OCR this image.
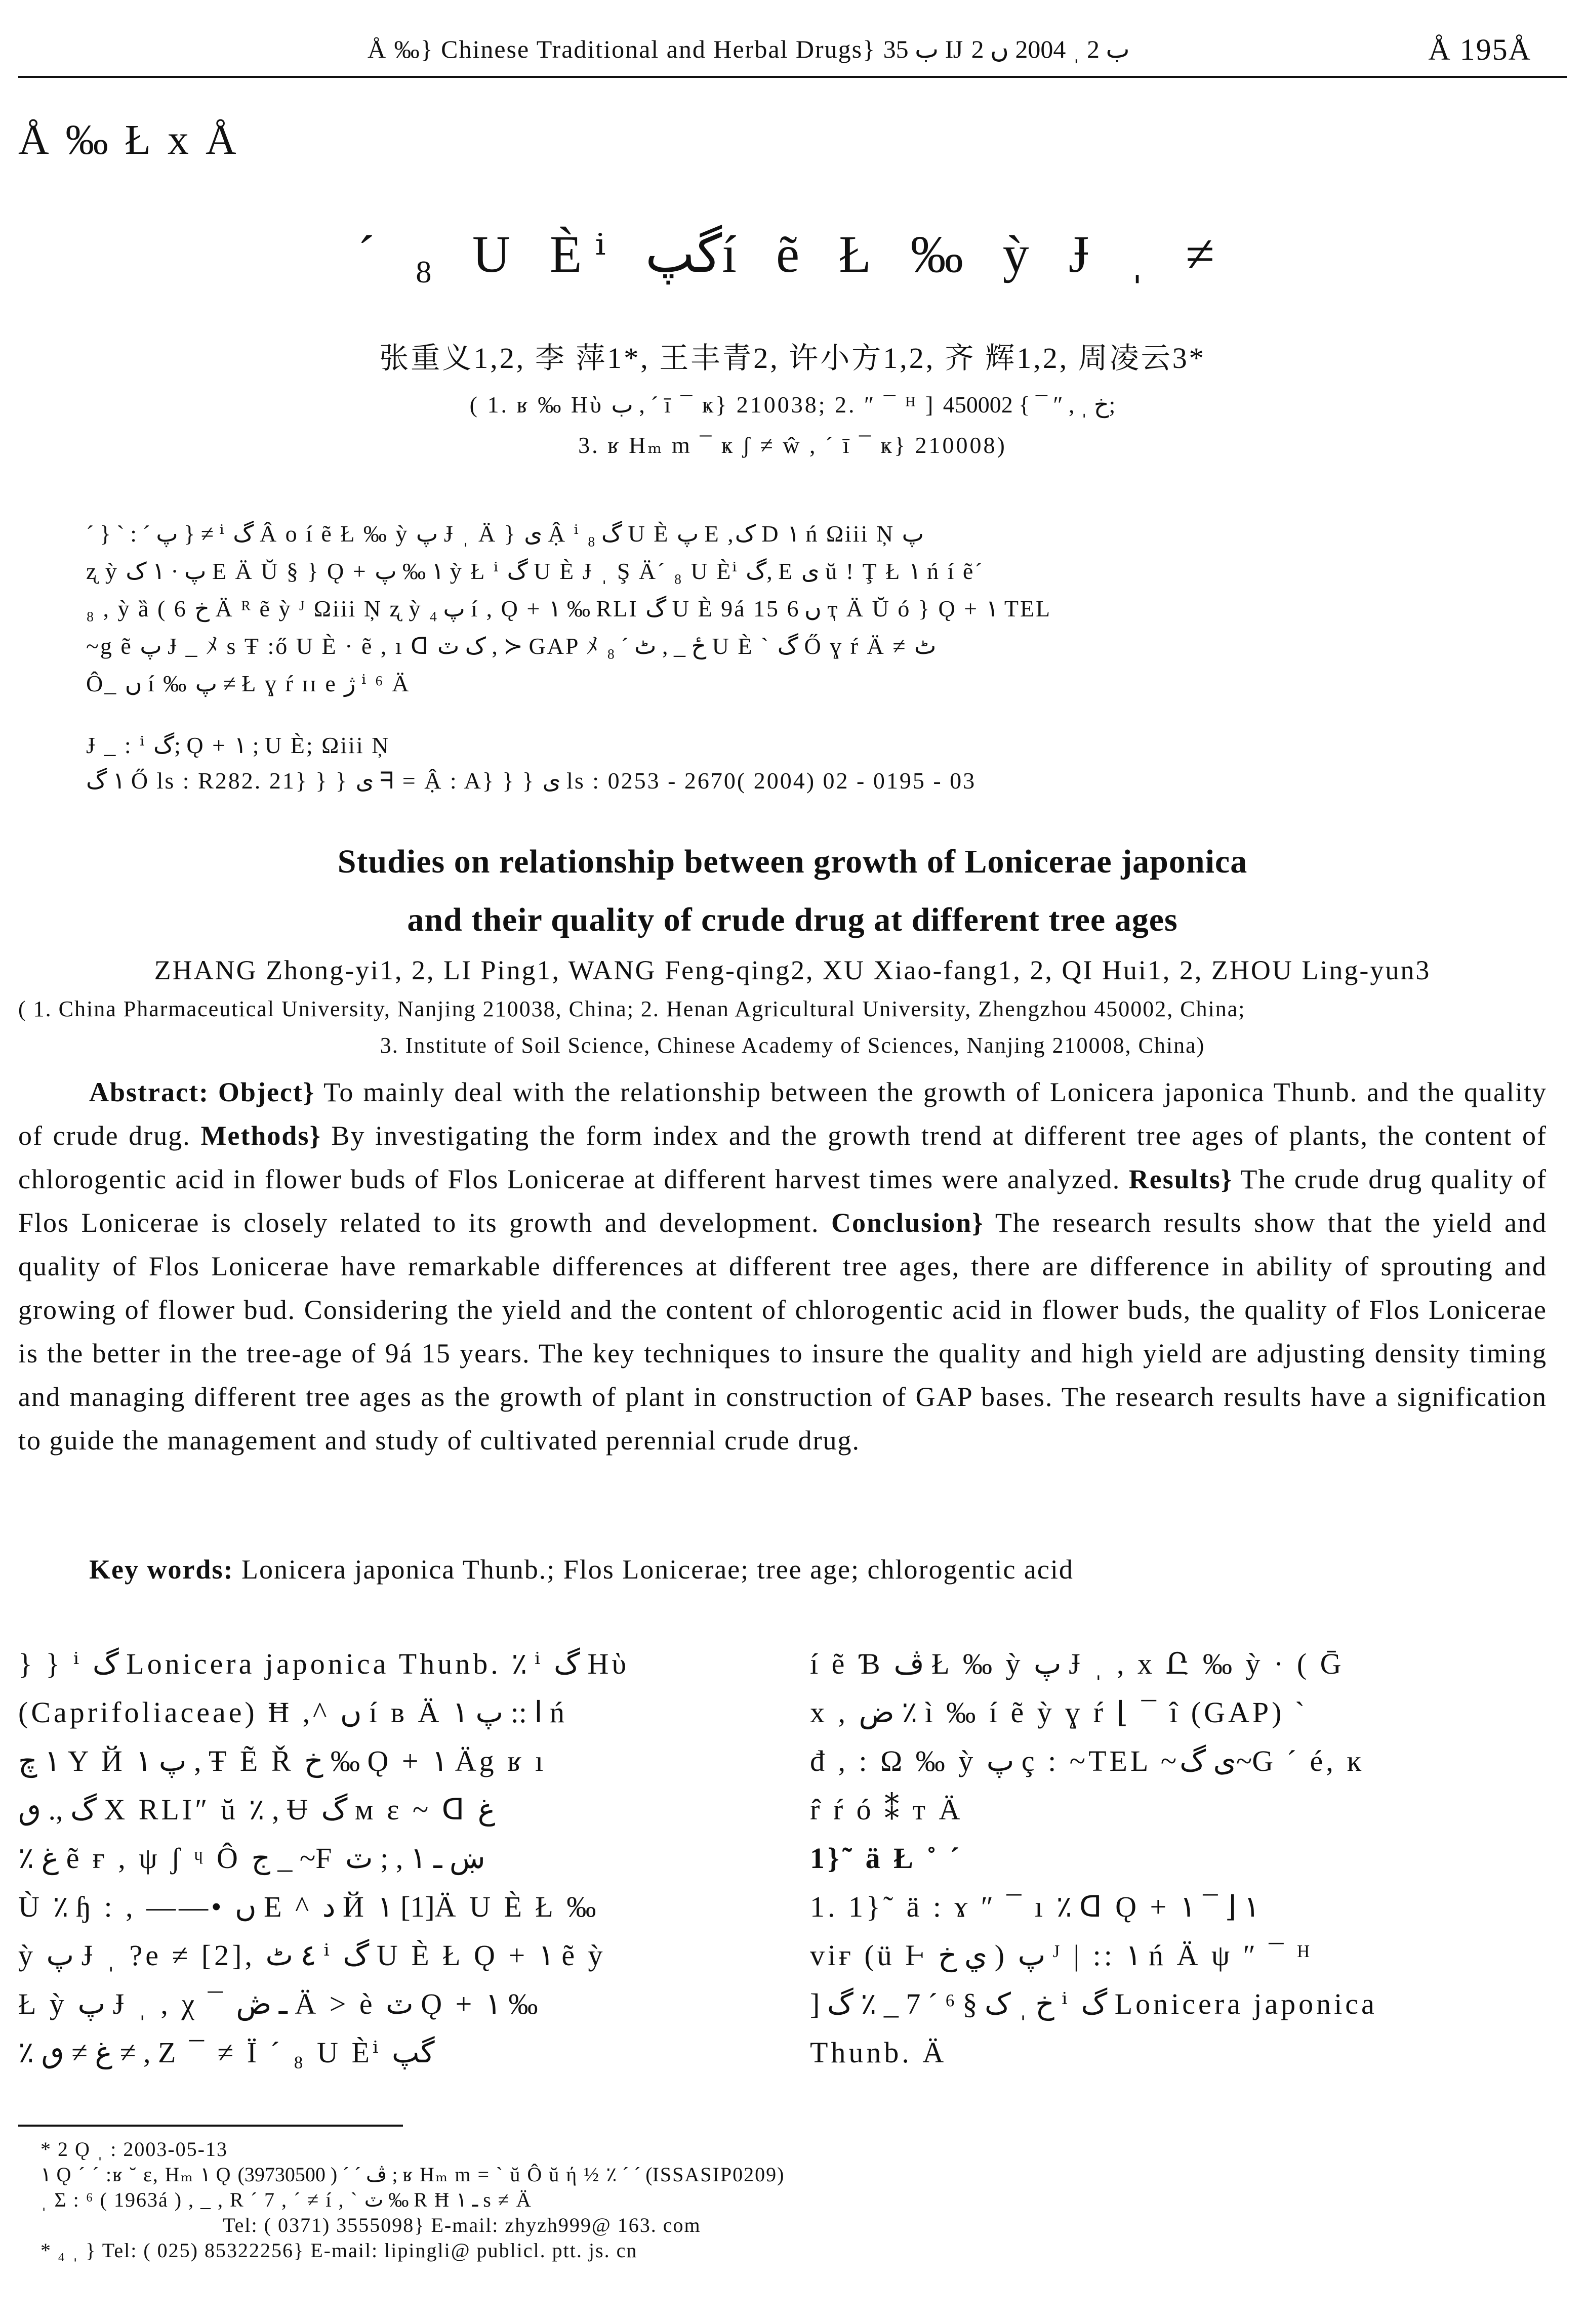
Å ‰} Chinese Traditional and Herbal Drugs} ب 35 Ĳ ب 2 ˌ 2004 ں 2	Å 195Å
Å ‰ Ł x Å
´ ₈ U Èⁱ گپí ẽ Ł ‰ ỳ Ɉ ˌ ≠
张重义1,2, 李 萍1*, 王丰青2, 许小方1,2, 齐 辉1,2, 周凌云3*
( 1. ʁ ‰ Hὺ ب , ˊ ī ¯ ҝ} 210038; 2. ″ ¯ ᴴ ] خ ˌ , ″ ¯ } 450002;
3. ʁ Hₘ m ¯ ҝ ʃ ≠ ŵ , ˊ ī ¯ ҝ} 210008)
ˊ } ` : ˊ پ } ≠ ⁱ گ Â o í ẽ Ł ‰ ỳ پ Ɉ ˌ Ä } ی Ậ ⁱ گ ₈ U È پ E ,ک D ١ ń Ωiii Ņ پ
ʐ ỳ پ · ١ ک E Ä Ŭ § } Ǫ + ١ ‰ پ ỳ Ł ⁱ گ U È Ɉ ˌ Ş Ä´ ₈ U Èⁱ گ, E ی ŭ ! Ţ Ł ١ ń í ẽ´
₈ , ỳ ȁ ( 6 خ Ä ᴿ ẽ ỳ ᴶ Ωiii Ņ ʐ ỳ پ ₄ í , Ǫ + ١ ‰ RLI گ U È 9á 15 ں 6 ҭ Ä Ŭ ó } Ǫ + ١ TEL
~g ẽ پ Ɉ _ ﾒ s Ŧ :ő U È · ẽ , ı ᗡ ک ٽ , ≻ GAP ﾒ ځ _ , ٹ ˊ ₈ U È ` گ Ő ɣ ŕ Ä ≠ ٹ
Ô_ ں í ‰ پ ≠ Ł ɣ ŕ ɪɪ e ژ ⁱ ⁶ Ä
Ɉ _ : ⁱ گ; Ǫ + ١ ; U È; Ωiii Ņ
١ گ Ő ls : R282. 21} } } ی ᖷ = Ậ : A} } } ی ls : 0253 - 2670( 2004) 02 - 0195 - 03
Studies on relationship between growth of Lonicerae japonica
and their quality of crude drug at different tree ages
ZHANG Zhong-yi1, 2, LI Ping1, WANG Feng-qing2, XU Xiao-fang1, 2, QI Hui1, 2, ZHOU Ling-yun3
( 1. China Pharmaceutical University, Nanjing 210038, China; 2. Henan Agricultural University, Zhengzhou 450002, China;
3. Institute of Soil Science, Chinese Academy of Sciences, Nanjing 210008, China)
Abstract: Object} To mainly deal with the relationship between the growth of Lonicera japonica Thunb. and the quality of crude drug. Methods} By investigating the form index and the growth trend at different tree ages of plants, the content of chlorogentic acid in flower buds of Flos Lonicerae at different harvest times were analyzed. Results} The crude drug quality of Flos Lonicerae is closely related to its growth and development. Conclusion} The research results show that the yield and quality of Flos Lonicerae have remarkable differences at different tree ages, there are difference in ability of sprouting and growing of flower bud. Considering the yield and the content of chlorogentic acid in flower buds, the quality of Flos Lonicerae is the better in the tree-age of 9á 15 years. The key techniques to insure the quality and high yield are adjusting density timing and managing different tree ages as the growth of plant in construction of GAP bases. The research results have a signification to guide the management and study of cultivated perennial crude drug.
Key words: Lonicera japonica Thunb.; Flos Lonicerae; tree age; chlorogentic acid
} } ⁱ گ Lonicera japonica Thunb. ٪ ⁱ گ Hὺ
(Caprifoliaceae) Ħ ,^ ں í в Ä ا :: پ ١ ń
١ چ Y Й پ ١ , Ŧ Ẽ Ř خ ‰ Ǫ + ١ Äg ʁ ı
گ ,. ٯ X RLI″ ŭ ٪ , Ʉ گ м ε ~ ᗡ غ
٪ غ ẽ ғ , ψ ʃ ᶣ Ô ج _ ~F ښ ـ ١ , ; ٽ
Ù ٪ ɧ : , ——• ں E ^ ﺩ Й ١ [1]Ä U È Ł ‰
ỳ پ Ɉ ˌ ?e ≠ [2], ٤ ٹ ⁱ گ U È Ł Ǫ + ١ ẽ ỳ
Ł ỳ پ Ɉ ˌ , χ ¯ ـ ڞ Ä > è ٽ Ǫ + ١ ‰
٪ غ ≠ ٯ ≠ , Ζ ¯ ≠ Ï ´ ₈ U Èⁱ گپ
í ẽ Ɓ ڤ Ł ‰ ỳ پ Ɉ ˌ , x Ը ‰ ỳ · ( Ḡ
x , ض ٪ ì ‰ í ẽ ỳ ɣ ŕ ⌊ ¯ î (GAP) `
đ , : Ω ‰ ỳ پ ç : ~TEL ~ی گ~G ˊ é, ĸ
r̂ ŕ ó ⁑ т Ä
1}˜ ӓ Ł ˚ ´
1. 1}˜ ӓ : ɤ ″ ¯ ı ٪ ᗡ Ǫ + ١ ⌊ ¯ ١
viғ (ü Ⱶ ي خ ) پ ᴶ | :: ١ ń Ä ψ ″ ¯ ᴴ
] خ ˌ ک § ⁶ ´ 7 _ ٪ گ ⁱ گ Lonicera japonica
Thunb. Ä
* 2 Ǫ ˌ : 2003-05-13
١ Ǫ ´ ˊ :ʁ ˘ ε, Hₘ ١ Ǫ ڤ ´ ˊ ( 39730500) ; ʁ Hₘ m = ` ŭ Ô ŭ ή ½ ٪ ´ ˊ (ISSASIP0209)
ˌ Σ : ⁶ ( 1963á ) , _ , R ´ 7 , ˊ ≠ í , ` ٽ ‰ R Ħ ـ ١ s ≠ Ä
Tel: ( 0371) 3555098} E-mail: zhyzh999@ 163. com
* ₄ ˌ } Tel: ( 025) 85322256} E-mail: lipingli@ publicl. ptt. js. cn
